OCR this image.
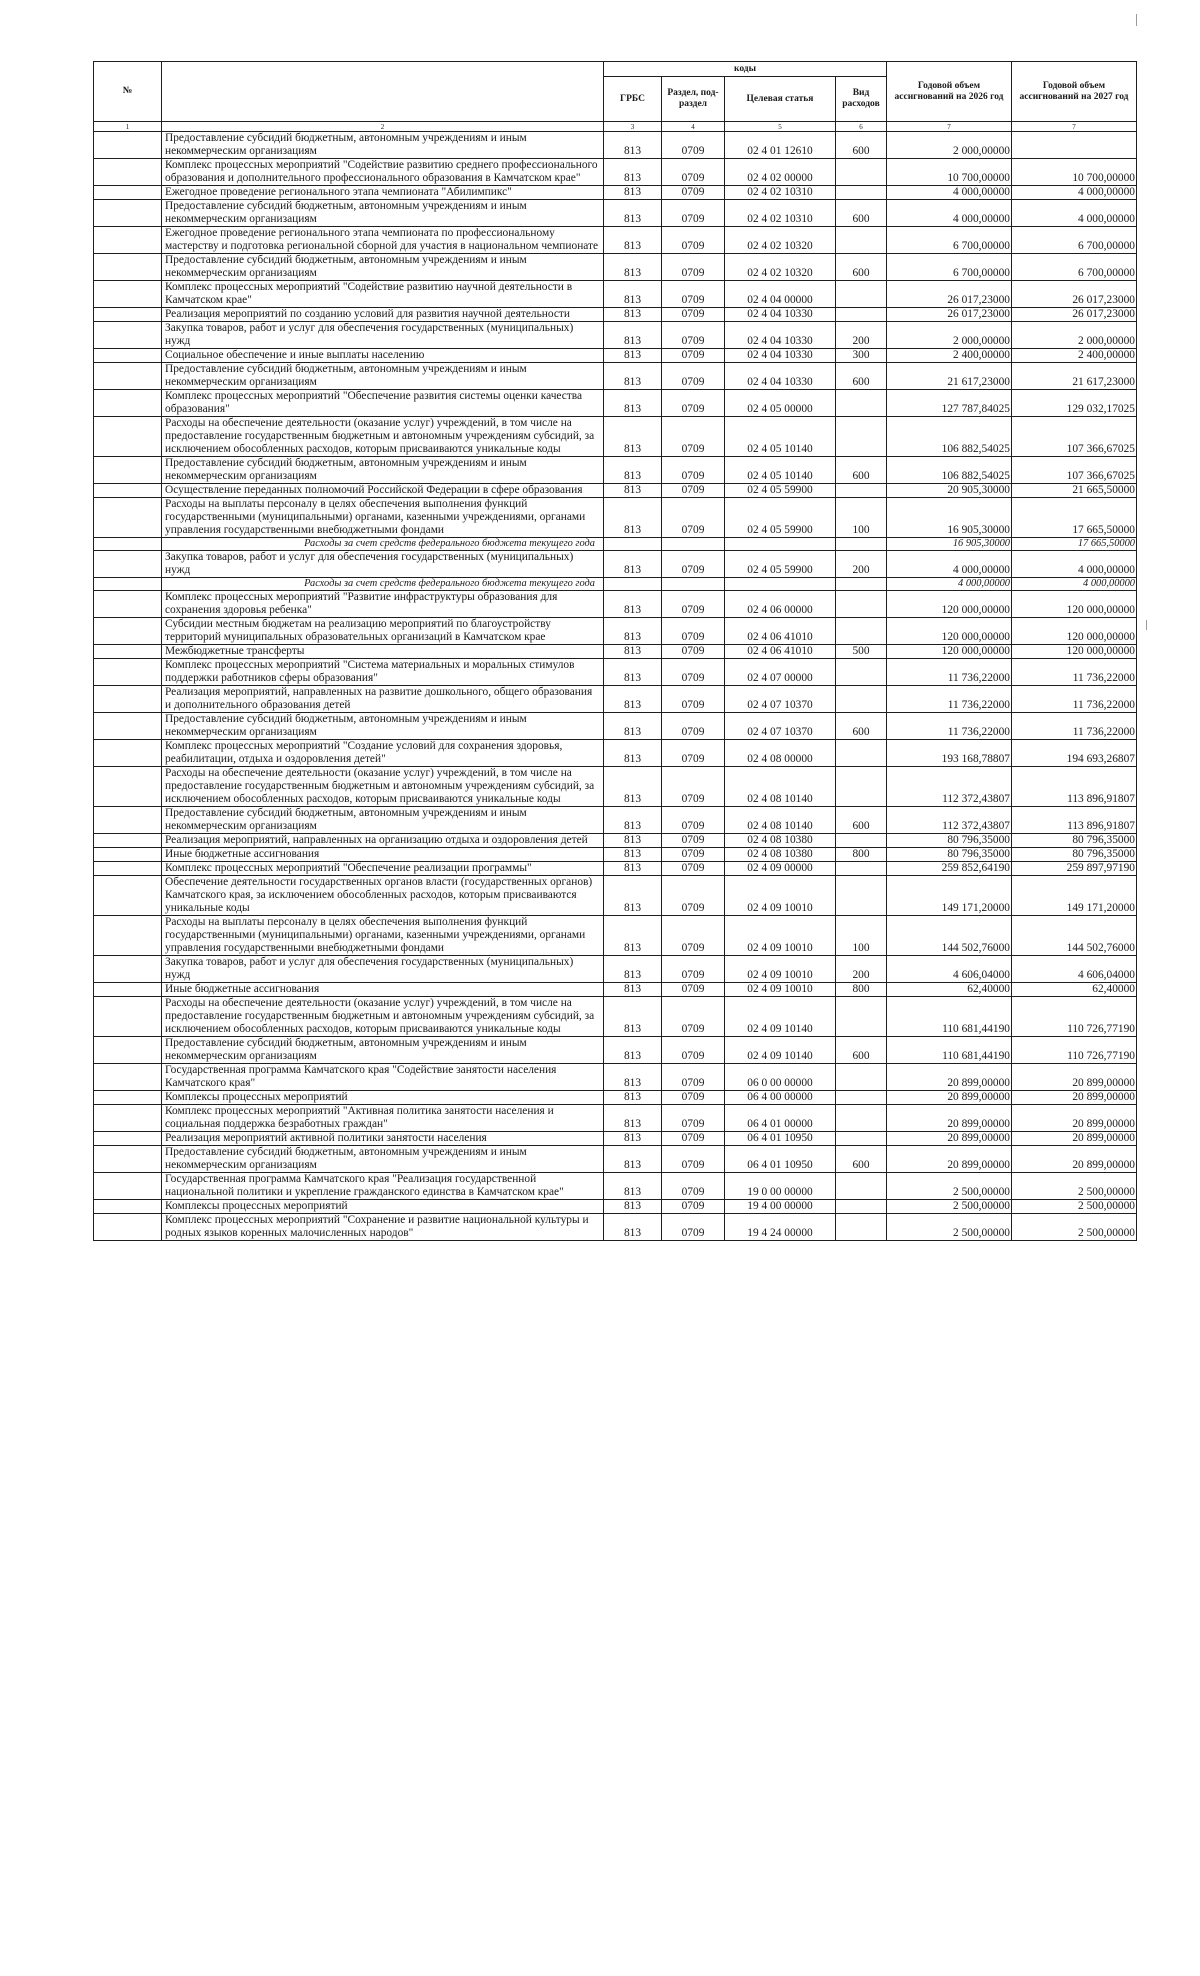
№		коды				Годовой объем ассигнований на 2026 год	Годовой объем ассигнований на 2027 год
		ГРБС	Раздел, под-раздел	Целевая статья	Вид расходов		
1	2	3	4	5	6	7	7
	Предоставление субсидий бюджетным, автономным учреждениям и иным некоммерческим организациям	813	0709	02 4 01 12610	600	2 000,00000	
	Комплекс процессных мероприятий "Содействие развитию среднего профессионального образования и дополнительного профессионального образования в Камчатском крае"	813	0709	02 4 02 00000		10 700,00000	10 700,00000
	Ежегодное проведение регионального этапа чемпионата "Абилимпикс"	813	0709	02 4 02 10310		4 000,00000	4 000,00000
	Предоставление субсидий бюджетным, автономным учреждениям и иным некоммерческим организациям	813	0709	02 4 02 10310	600	4 000,00000	4 000,00000
	Ежегодное проведение регионального этапа чемпионата по профессиональному мастерству и подготовка региональной сборной для участия в национальном чемпионате	813	0709	02 4 02 10320		6 700,00000	6 700,00000
	Предоставление субсидий бюджетным, автономным учреждениям и иным некоммерческим организациям	813	0709	02 4 02 10320	600	6 700,00000	6 700,00000
	Комплекс процессных мероприятий "Содействие развитию научной деятельности в Камчатском крае"	813	0709	02 4 04 00000		26 017,23000	26 017,23000
	Реализация мероприятий по созданию условий для развития научной деятельности	813	0709	02 4 04 10330		26 017,23000	26 017,23000
	Закупка товаров, работ и услуг для обеспечения государственных (муниципальных) нужд	813	0709	02 4 04 10330	200	2 000,00000	2 000,00000
	Социальное обеспечение и иные выплаты населению	813	0709	02 4 04 10330	300	2 400,00000	2 400,00000
	Предоставление субсидий бюджетным, автономным учреждениям и иным некоммерческим организациям	813	0709	02 4 04 10330	600	21 617,23000	21 617,23000
	Комплекс процессных мероприятий "Обеспечение развития системы оценки качества образования"	813	0709	02 4 05 00000		127 787,84025	129 032,17025
	Расходы на обеспечение деятельности (оказание услуг) учреждений, в том числе на предоставление государственным бюджетным и автономным учреждениям субсидий, за исключением обособленных расходов, которым присваиваются уникальные коды	813	0709	02 4 05 10140		106 882,54025	107 366,67025
	Предоставление субсидий бюджетным, автономным учреждениям и иным некоммерческим организациям	813	0709	02 4 05 10140	600	106 882,54025	107 366,67025
	Осуществление переданных полномочий Российской Федерации в сфере образования	813	0709	02 4 05 59900		20 905,30000	21 665,50000
	Расходы на выплаты персоналу в целях обеспечения выполнения функций государственными (муниципальными) органами, казенными учреждениями, органами управления государственными внебюджетными фондами	813	0709	02 4 05 59900	100	16 905,30000	17 665,50000
	Расходы за счет средств федерального бюджета текущего года					16 905,30000	17 665,50000
	Закупка товаров, работ и услуг для обеспечения государственных (муниципальных) нужд	813	0709	02 4 05 59900	200	4 000,00000	4 000,00000
	Расходы за счет средств федерального бюджета текущего года					4 000,00000	4 000,00000
	Комплекс процессных мероприятий "Развитие инфраструктуры образования для сохранения здоровья ребенка"	813	0709	02 4 06 00000		120 000,00000	120 000,00000
	Субсидии местным бюджетам на реализацию мероприятий по благоустройству территорий муниципальных образовательных организаций в Камчатском крае	813	0709	02 4 06 41010		120 000,00000	120 000,00000
	Межбюджетные трансферты	813	0709	02 4 06 41010	500	120 000,00000	120 000,00000
	Комплекс процессных мероприятий "Система материальных и моральных стимулов поддержки работников сферы образования"	813	0709	02 4 07 00000		11 736,22000	11 736,22000
	Реализация мероприятий, направленных на развитие дошкольного, общего образования и дополнительного образования детей	813	0709	02 4 07 10370		11 736,22000	11 736,22000
	Предоставление субсидий бюджетным, автономным учреждениям и иным некоммерческим организациям	813	0709	02 4 07 10370	600	11 736,22000	11 736,22000
	Комплекс процессных мероприятий "Создание условий для сохранения здоровья, реабилитации, отдыха и оздоровления детей"	813	0709	02 4 08 00000		193 168,78807	194 693,26807
	Расходы на обеспечение деятельности (оказание услуг) учреждений, в том числе на предоставление государственным бюджетным и автономным учреждениям субсидий, за исключением обособленных расходов, которым присваиваются уникальные коды	813	0709	02 4 08 10140		112 372,43807	113 896,91807
	Предоставление субсидий бюджетным, автономным учреждениям и иным некоммерческим организациям	813	0709	02 4 08 10140	600	112 372,43807	113 896,91807
	Реализация мероприятий, направленных на организацию отдыха и оздоровления детей	813	0709	02 4 08 10380		80 796,35000	80 796,35000
	Иные бюджетные ассигнования	813	0709	02 4 08 10380	800	80 796,35000	80 796,35000
	Комплекс процессных мероприятий "Обеспечение реализации программы"	813	0709	02 4 09 00000		259 852,64190	259 897,97190
	Обеспечение деятельности государственных органов власти (государственных органов) Камчатского края, за исключением обособленных расходов, которым присваиваются уникальные коды	813	0709	02 4 09 10010		149 171,20000	149 171,20000
	Расходы на выплаты персоналу в целях обеспечения выполнения функций государственными (муниципальными) органами, казенными учреждениями, органами управления государственными внебюджетными фондами	813	0709	02 4 09 10010	100	144 502,76000	144 502,76000
	Закупка товаров, работ и услуг для обеспечения государственных (муниципальных) нужд	813	0709	02 4 09 10010	200	4 606,04000	4 606,04000
	Иные бюджетные ассигнования	813	0709	02 4 09 10010	800	62,40000	62,40000
	Расходы на обеспечение деятельности (оказание услуг) учреждений, в том числе на предоставление государственным бюджетным и автономным учреждениям субсидий, за исключением обособленных расходов, которым присваиваются уникальные коды	813	0709	02 4 09 10140		110 681,44190	110 726,77190
	Предоставление субсидий бюджетным, автономным учреждениям и иным некоммерческим организациям	813	0709	02 4 09 10140	600	110 681,44190	110 726,77190
	Государственная программа Камчатского края "Содействие занятости населения Камчатского края"	813	0709	06 0 00 00000		20 899,00000	20 899,00000
	Комплексы процессных мероприятий	813	0709	06 4 00 00000		20 899,00000	20 899,00000
	Комплекс процессных мероприятий "Активная политика занятости населения и социальная поддержка безработных граждан"	813	0709	06 4 01 00000		20 899,00000	20 899,00000
	Реализация мероприятий активной политики занятости населения	813	0709	06 4 01 10950		20 899,00000	20 899,00000
	Предоставление субсидий бюджетным, автономным учреждениям и иным некоммерческим организациям	813	0709	06 4 01 10950	600	20 899,00000	20 899,00000
	Государственная программа Камчатского края "Реализация государственной национальной политики и укрепление гражданского единства в Камчатском крае"	813	0709	19 0 00 00000		2 500,00000	2 500,00000
	Комплексы процессных мероприятий	813	0709	19 4 00 00000		2 500,00000	2 500,00000
	Комплекс процессных мероприятий "Сохранение и развитие национальной культуры и родных языков коренных малочисленных народов"	813	0709	19 4 24 00000		2 500,00000	2 500,00000
